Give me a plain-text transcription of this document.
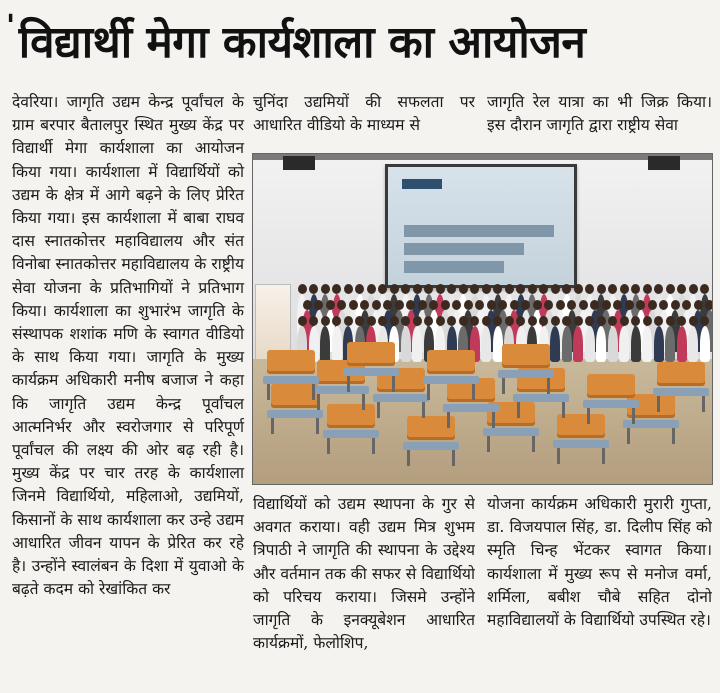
' विद्यार्थी मेगा कार्यशाला का आयोजन

देवरिया। जागृति उद्यम केन्द्र पूर्वांचल के ग्राम बरपार बैतालपुर स्थित मुख्य केंद्र पर विद्यार्थी मेगा कार्यशाला का आयोजन किया गया। कार्यशाला में विद्यार्थियों को उद्यम के क्षेत्र में आगे बढ़ने के लिए प्रेरित किया गया। इस कार्यशाला में बाबा राघव दास स्नातकोत्तर महाविद्यालय और संत विनोबा स्नातकोत्तर महाविद्यालय के राष्ट्रीय सेवा योजना के प्रतिभागियों ने प्रतिभाग किया। कार्यशाला का शुभारंभ जागृति के संस्थापक शशांक मणि के स्वागत वीडियो के साथ किया गया। जागृति के मुख्य कार्यक्रम अधिकारी मनीष बजाज ने कहा कि जागृति उद्यम केन्द्र पूर्वांचल आत्मनिर्भर और स्वरोजगार से परिपूर्ण पूर्वांचल की लक्ष्य की ओर बढ़ रही है। मुख्य केंद्र पर चार तरह के कार्यशाला जिनमे विद्यार्थियो, महिलाओ, उद्यमियों, किसानों के साथ कार्यशाला कर उन्हे उद्यम आधारित जीवन यापन के प्रेरित कर रहे है। उन्होंने स्वालंबन के दिशा में युवाओ के बढ़ते कदम को रेखांकित कर

चुनिंदा उद्यमियों की सफलता पर आधारित वीडियो के माध्यम से

जागृति रेल यात्रा का भी जिक्र किया। इस दौरान जागृति द्वारा राष्ट्रीय सेवा

विद्यार्थियों को उद्यम स्थापना के गुर से अवगत कराया। वही उद्यम मित्र शुभम त्रिपाठी ने जागृति की स्थापना के उद्देश्य और वर्तमान तक की सफर से विद्यार्थियो को परिचय कराया। जिसमे उन्होंने जागृति के इनक्यूबेशन आधारित कार्यक्रमों, फेलोशिप,

योजना कार्यक्रम अधिकारी मुरारी गुप्ता, डा. विजयपाल सिंह, डा. दिलीप सिंह को स्मृति चिन्ह भेंटकर स्वागत किया।कार्यशाला में मुख्य रूप से मनोज वर्मा, शर्मिला, बबीश चौबे सहित दोनो महाविद्यालयों के विद्यार्थियो उपस्थित रहे।
